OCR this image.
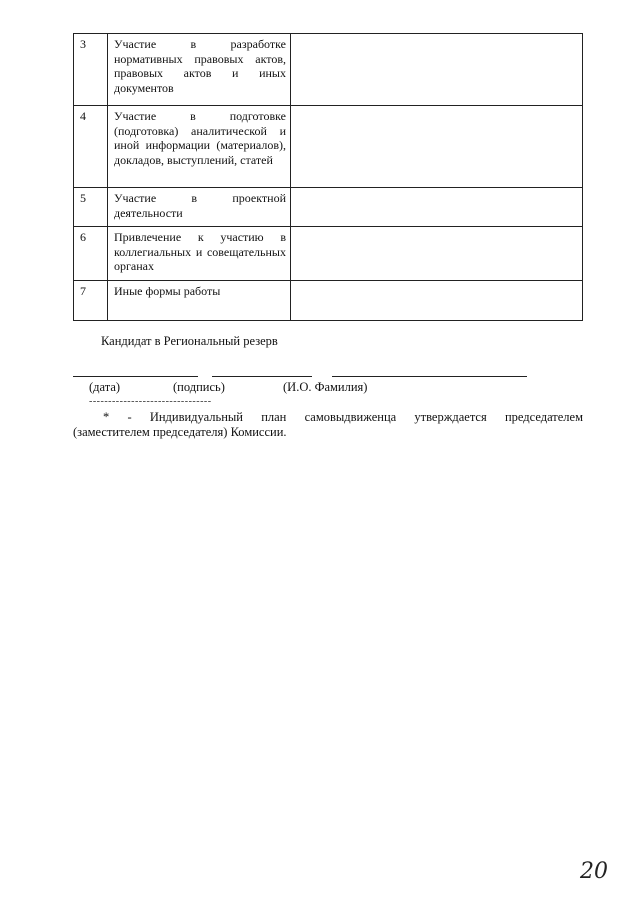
3	Участие в разработке нормативных правовых актов, правовых актов и иных документов	
4	Участие в подготовке (подготовка) аналитической и иной информации (материалов), докладов, выступлений, статей	
5	Участие в проектной деятельности	
6	Привлечение к участию в коллегиальных и совещательных органах	
7	Иные формы работы	
Кандидат в Региональный резерв
(дата)	(подпись)	(И.О. Фамилия)
--------------------------------
* - Индивидуальный план самовыдвиженца утверждается председателем
(заместителем председателя) Комиссии.
20
